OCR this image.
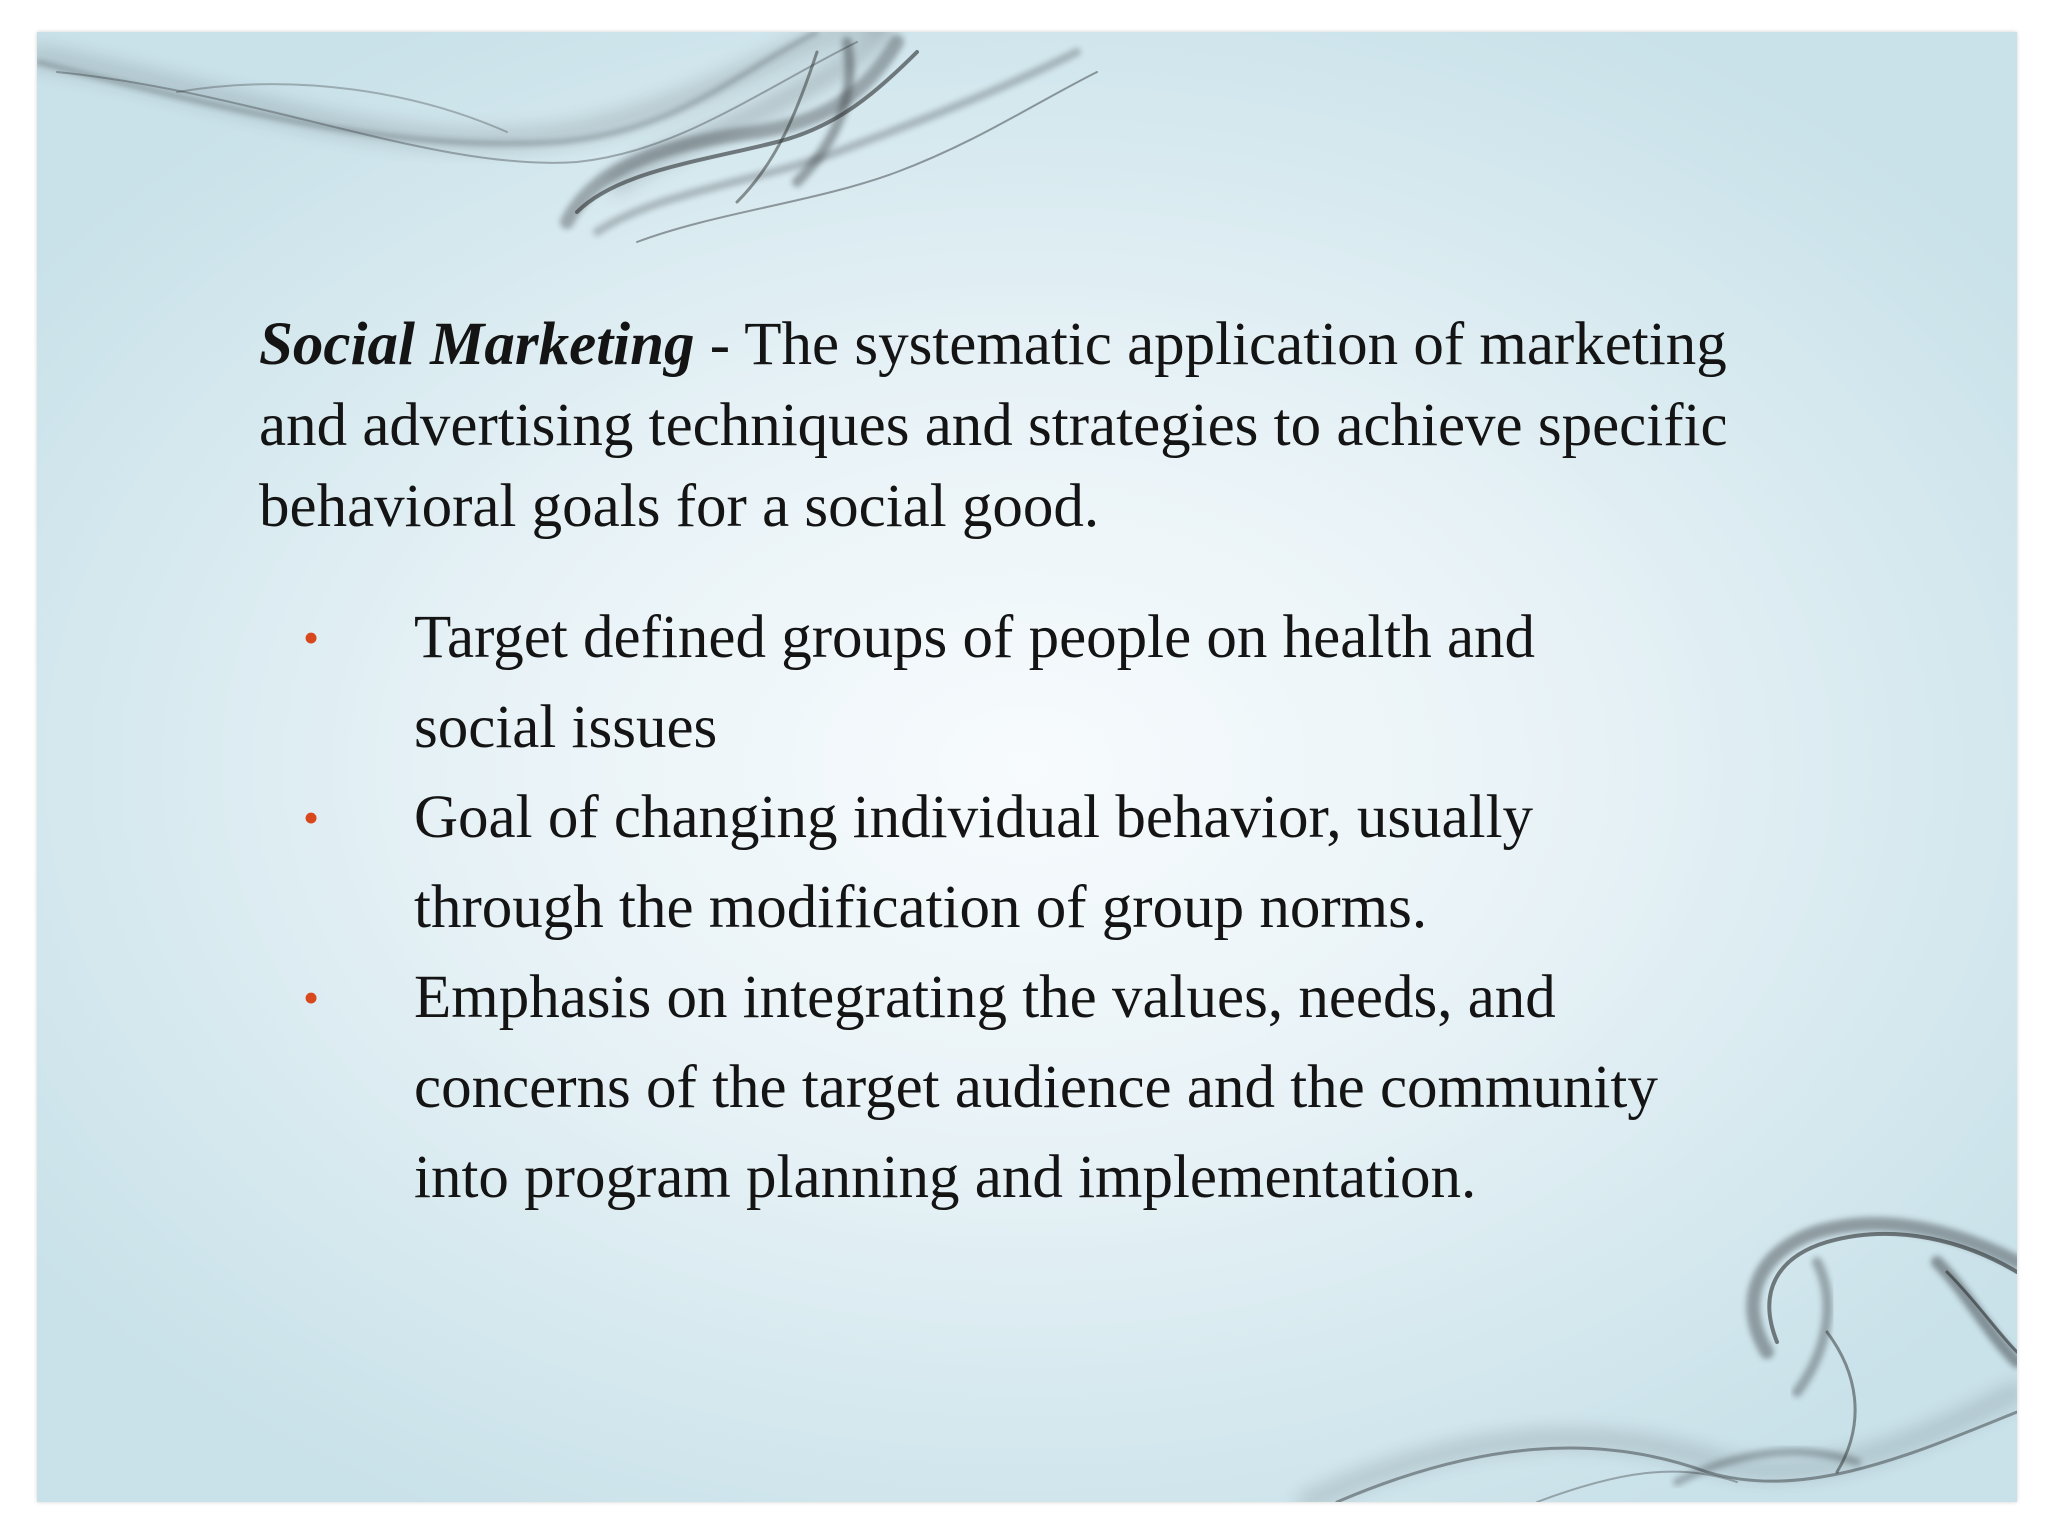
Social Marketing - The systematic application of marketing and advertising techniques and strategies to achieve specific behavioral goals for a social good.

• Target defined groups of people on health and social issues
• Goal of changing individual behavior, usually through the modification of group norms.
• Emphasis on integrating the values, needs, and concerns of the target audience and the community into program planning and implementation.
